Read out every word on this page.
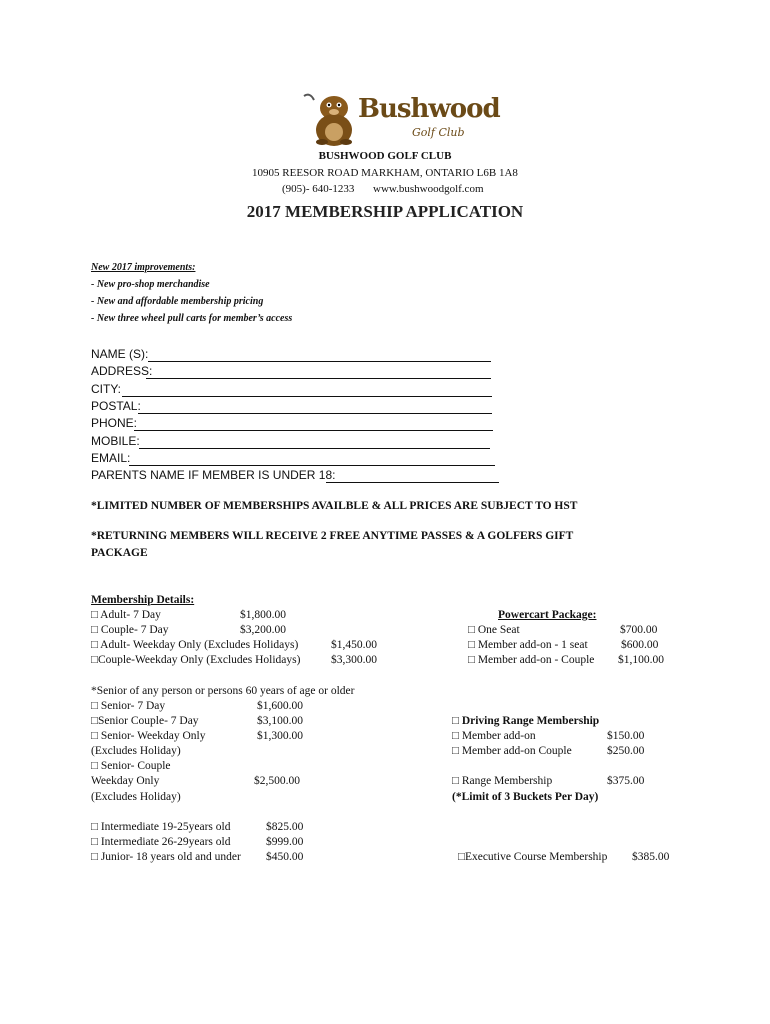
Bushwood
Golf Club
BUSHWOOD GOLF CLUB
10905 REESOR ROAD MARKHAM, ONTARIO L6B 1A8
(905)- 640-1233 www.bushwoodgolf.com
2017 MEMBERSHIP APPLICATION
New 2017 improvements:
- New pro-shop merchandise
- New and affordable membership pricing
- New three wheel pull carts for member’s access
NAME (S):
ADDRESS:
CITY:
POSTAL:
PHONE:
MOBILE:
EMAIL:
PARENTS NAME IF MEMBER IS UNDER 18:
*LIMITED NUMBER OF MEMBERSHIPS AVAILBLE & ALL PRICES ARE SUBJECT TO HST
*RETURNING MEMBERS WILL RECEIVE 2 FREE ANYTIME PASSES & A GOLFERS GIFT
PACKAGE
Membership Details:
□ Adult- 7 Day	$1,800.00
□ Couple- 7 Day	$3,200.00
□ Adult- Weekday Only (Excludes Holidays)	$1,450.00
□Couple-Weekday Only (Excludes Holidays)	$3,300.00
*Senior of any person or persons 60 years of age or older
□ Senior- 7 Day	$1,600.00
□Senior Couple- 7 Day	$3,100.00
□ Senior- Weekday Only	$1,300.00
(Excludes Holiday)
□ Senior- Couple
Weekday Only	$2,500.00
(Excludes Holiday)
□ Intermediate 19-25years old	$825.00
□ Intermediate 26-29years old	$999.00
□ Junior- 18 years old and under $450.00
Powercart Package:
□ One Seat	$700.00
□ Member add-on - 1 seat	$600.00
□ Member add-on - Couple $1,100.00
□ Driving Range Membership
□ Member add-on	$150.00
□ Member add-on Couple	$250.00
□ Range Membership	$375.00
(*Limit of 3 Buckets Per Day)
□Executive Course Membership $385.00
